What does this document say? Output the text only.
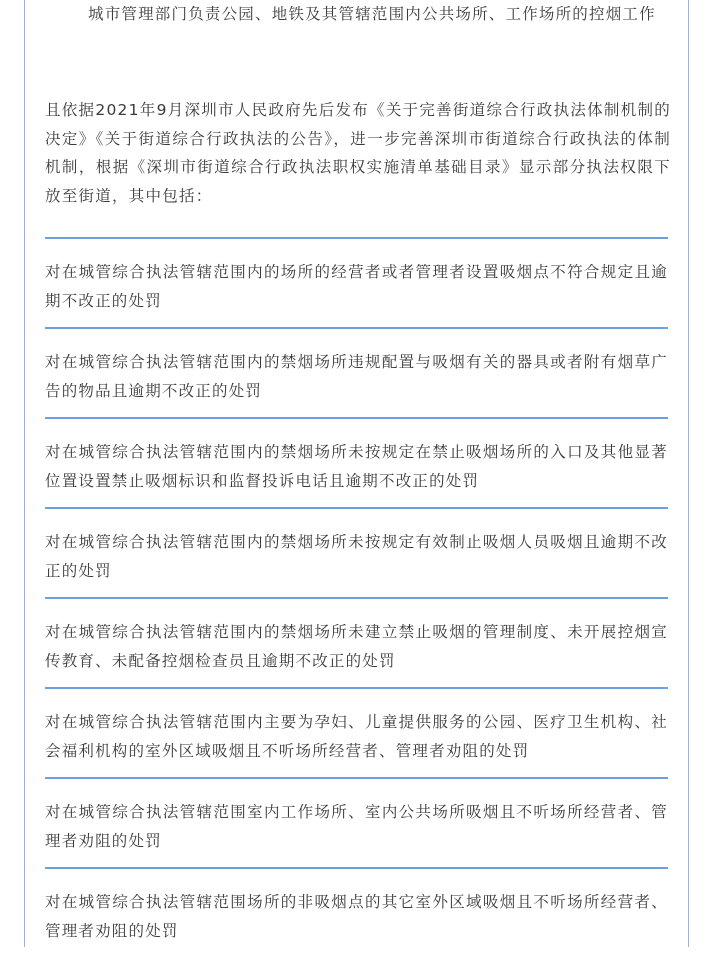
城市管理部门负责公园、地铁及其管辖范围内公共场所、工作场所的控烟工作
且依据2021年9月深圳市人民政府先后发布《关于完善街道综合行政执法体制机制的决定》《关于街道综合行政执法的公告》，进一步完善深圳市街道综合行政执法的体制机制，根据《深圳市街道综合行政执法职权实施清单基础目录》显示部分执法权限下放至街道，其中包括：
对在城管综合执法管辖范围内的场所的经营者或者管理者设置吸烟点不符合规定且逾期不改正的处罚
对在城管综合执法管辖范围内的禁烟场所违规配置与吸烟有关的器具或者附有烟草广告的物品且逾期不改正的处罚
对在城管综合执法管辖范围内的禁烟场所未按规定在禁止吸烟场所的入口及其他显著位置设置禁止吸烟标识和监督投诉电话且逾期不改正的处罚
对在城管综合执法管辖范围内的禁烟场所未按规定有效制止吸烟人员吸烟且逾期不改正的处罚
对在城管综合执法管辖范围内的禁烟场所未建立禁止吸烟的管理制度、未开展控烟宣传教育、未配备控烟检查员且逾期不改正的处罚
对在城管综合执法管辖范围内主要为孕妇、儿童提供服务的公园、医疗卫生机构、社会福利机构的室外区域吸烟且不听场所经营者、管理者劝阻的处罚
对在城管综合执法管辖范围室内工作场所、室内公共场所吸烟且不听场所经营者、管理者劝阻的处罚
对在城管综合执法管辖范围场所的非吸烟点的其它室外区域吸烟且不听场所经营者、管理者劝阻的处罚
